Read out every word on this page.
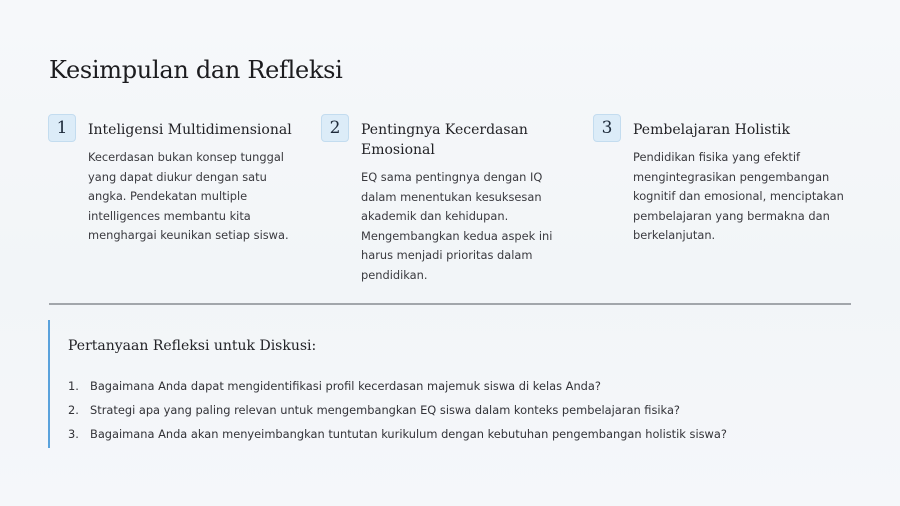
Kesimpulan dan Refleksi
1	Inteligensi Multidimensional

Kecerdasan bukan konsep tunggal yang dapat diukur dengan satu angka. Pendekatan multiple intelligences membantu kita menghargai keunikan setiap siswa.

2	Pentingnya Kecerdasan Emosional

EQ sama pentingnya dengan IQ dalam menentukan kesuksesan akademik dan kehidupan. Mengembangkan kedua aspek ini harus menjadi prioritas dalam pendidikan.

3	Pembelajaran Holistik

Pendidikan fisika yang efektif mengintegrasikan pengembangan kognitif dan emosional, menciptakan pembelajaran yang bermakna dan berkelanjutan.

Pertanyaan Refleksi untuk Diskusi:
1. Bagaimana Anda dapat mengidentifikasi profil kecerdasan majemuk siswa di kelas Anda?
2. Strategi apa yang paling relevan untuk mengembangkan EQ siswa dalam konteks pembelajaran fisika?
3. Bagaimana Anda akan menyeimbangkan tuntutan kurikulum dengan kebutuhan pengembangan holistik siswa?
